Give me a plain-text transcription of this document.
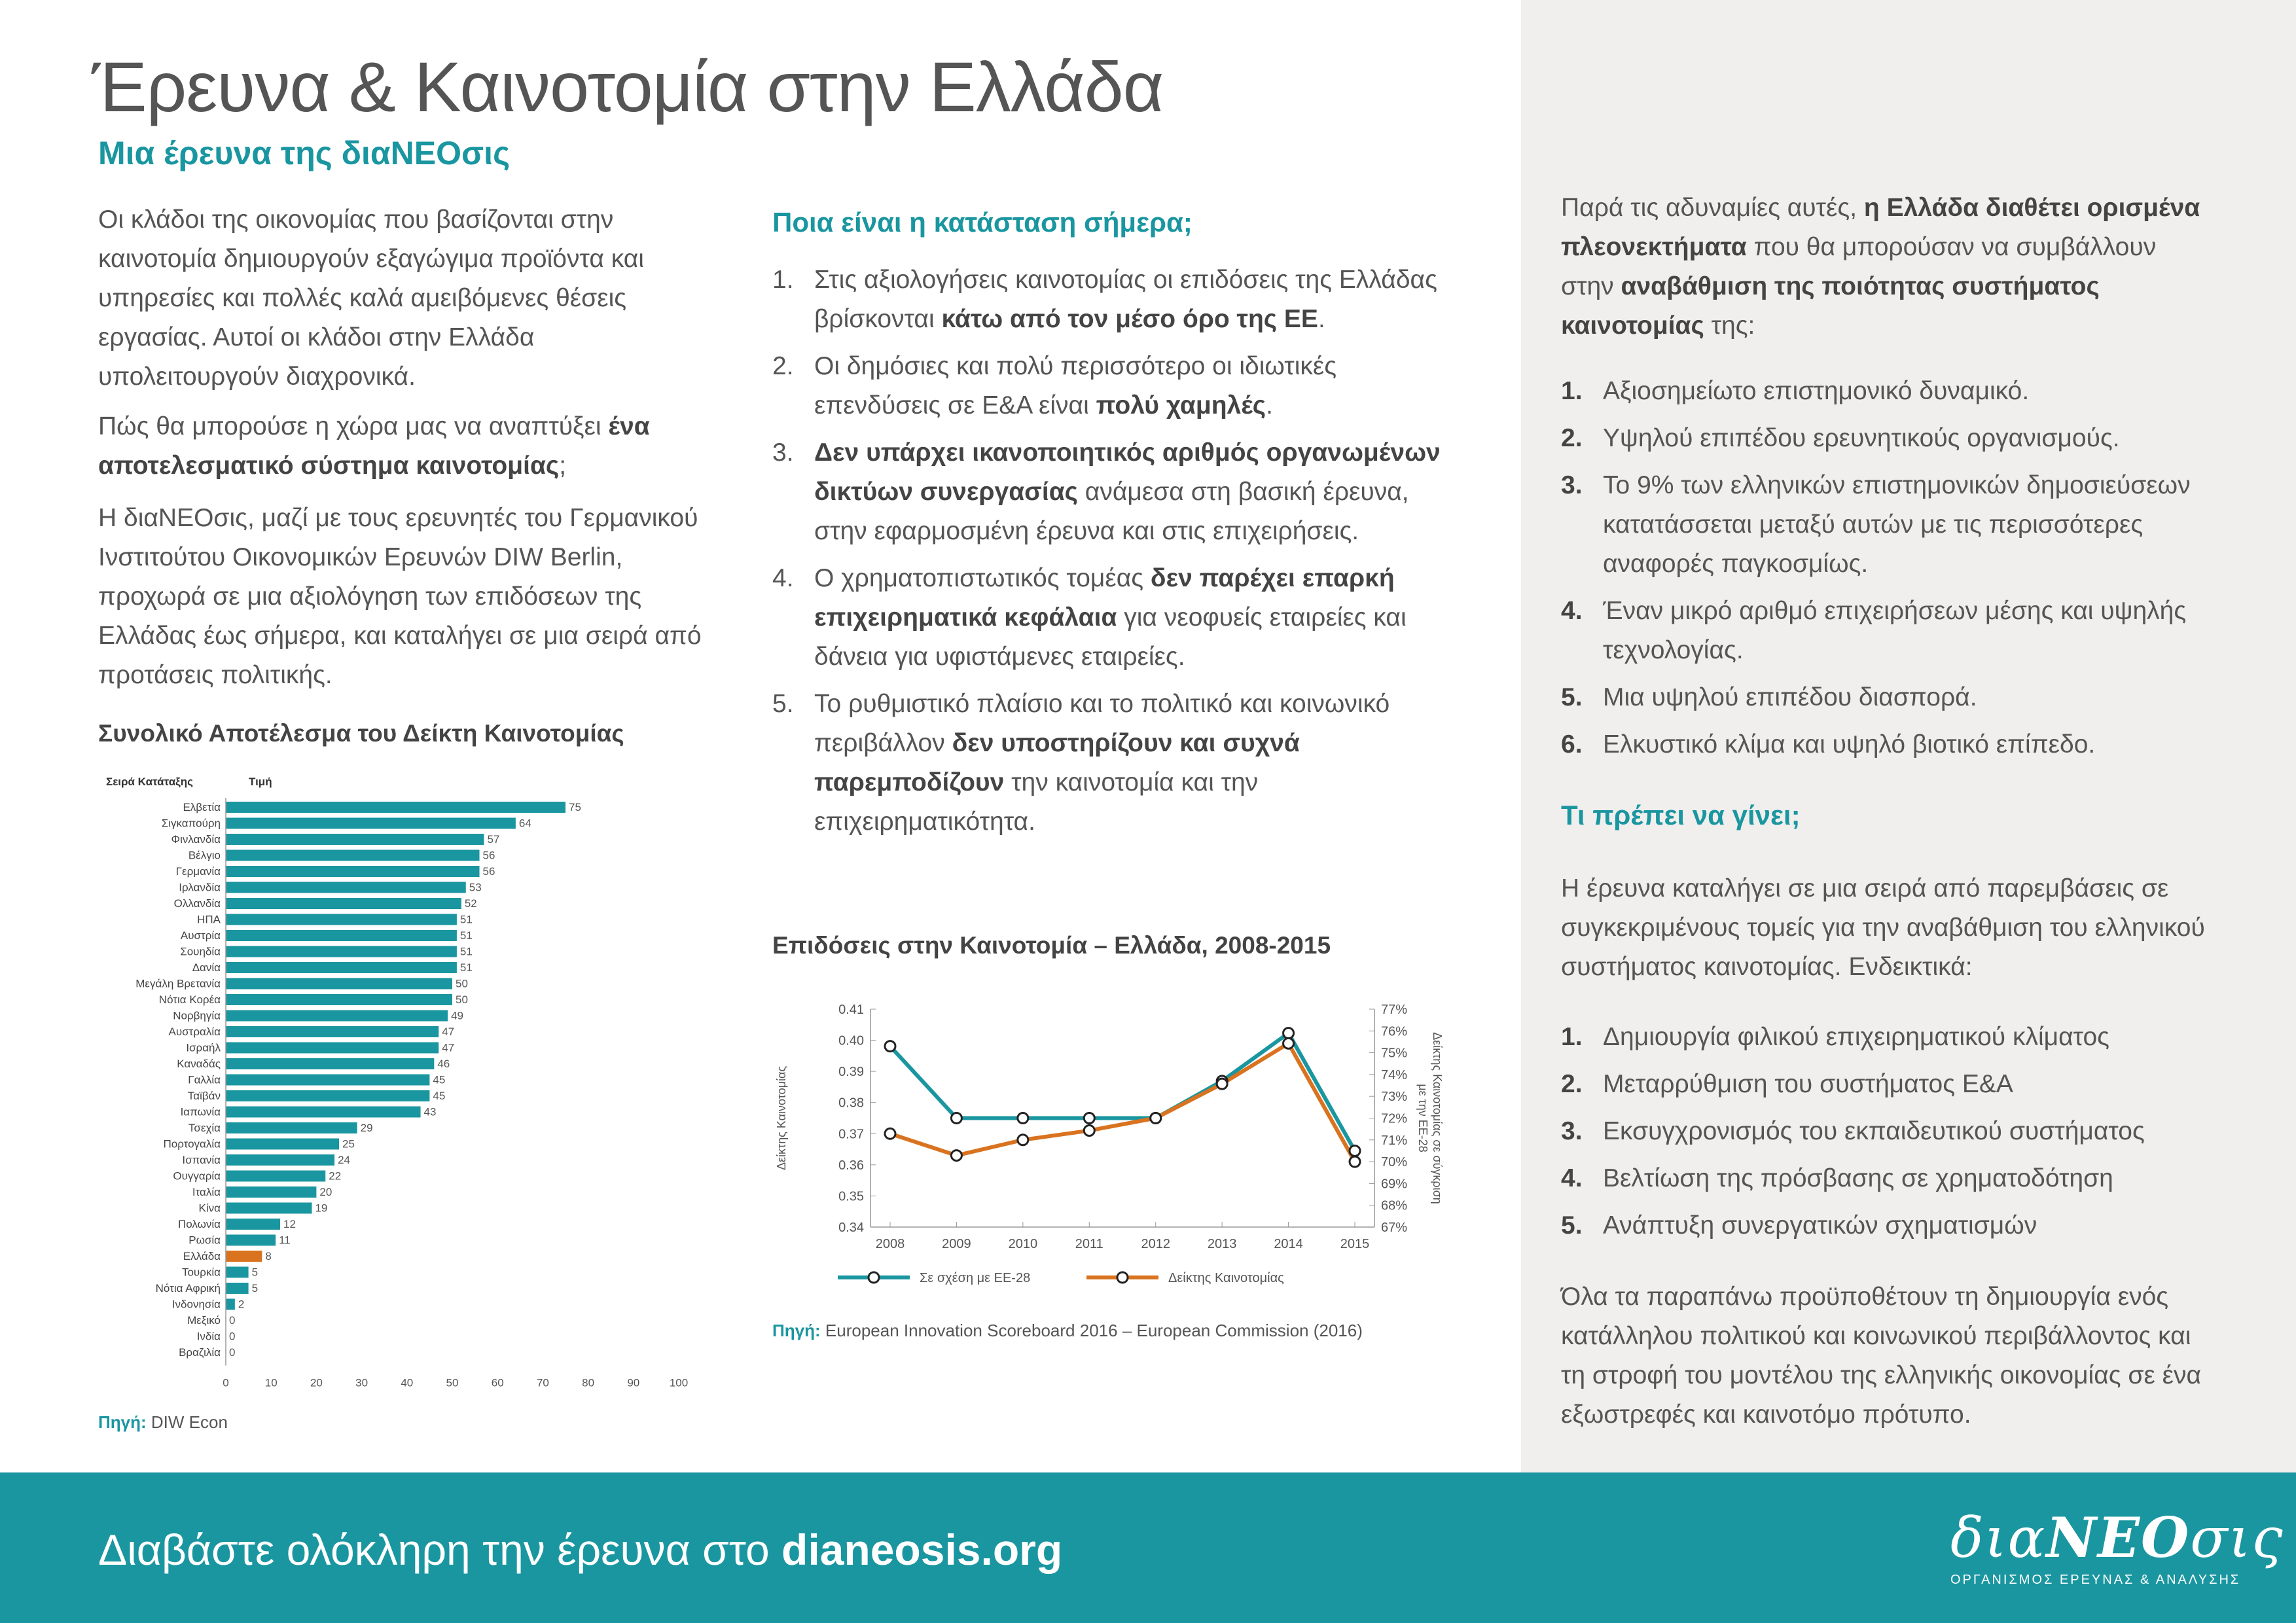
Έρευνα & Καινοτομία στην Ελλάδα
Μια έρευνα της διαΝΕΟσις

Οι κλάδοι της οικονομίας που βασίζονται στην καινοτομία δημιουργούν εξαγώγιμα προϊόντα και υπηρεσίες και πολλές καλά αμειβόμενες θέσεις εργασίας. Αυτοί οι κλάδοι στην Ελλάδα υπολειτουργούν διαχρονικά.

Πώς θα μπορούσε η χώρα μας να αναπτύξει ένα αποτελεσματικό σύστημα καινοτομίας;

Η διαΝΕΟσις, μαζί με τους ερευνητές του Γερμανικού Ινστιτούτου Οικονομικών Ερευνών DIW Berlin, προχωρά σε μια αξιολόγηση των επιδόσεων της Ελλάδας έως σήμερα, και καταλήγει σε μια σειρά από προτάσεις πολιτικής.

Συνολικό Αποτέλεσμα του Δείκτη Καινοτομίας
Σειρά Κατάταξης	Τιμή
Ελβετία	75
Σιγκαπούρη	64
Φινλανδία	57
Βέλγιο	56
Γερμανία	56
Ιρλανδία	53
Ολλανδία	52
ΗΠΑ	51
Αυστρία	51
Σουηδία	51
Δανία	51
Μεγάλη Βρετανία	50
Νότια Κορέα	50
Νορβηγία	49
Αυστραλία	47
Ισραήλ	47
Καναδάς	46
Γαλλία	45
Ταϊβάν	45
Ιαπωνία	43
Τσεχία	29
Πορτογαλία	25
Ισπανία	24
Ουγγαρία	22
Ιταλία	20
Κίνα	19
Πολωνία	12
Ρωσία	11
Ελλάδα	8
Τουρκία	5
Νότια Αφρική	5
Ινδονησία 2
Μεξικό 0
Ινδία 0
Βραζιλία 0
0	10	20	30	40	50	60	70	80	90	100
Πηγή: DIW Econ
Ποια είναι η κατάσταση σήμερα;
1. Στις αξιολογήσεις καινοτομίας οι επιδόσεις της Ελλάδας βρίσκονται κάτω από τον μέσο όρο της ΕΕ.
2. Οι δημόσιες και πολύ περισσότερο οι ιδιωτικές επενδύσεις σε Ε&Α είναι πολύ χαμηλές.
3. Δεν υπάρχει ικανοποιητικός αριθμός οργανωμένων δικτύων συνεργασίας ανάμεσα στη βασική έρευνα, στην εφαρμοσμένη έρευνα και στις επιχειρήσεις.
4. Ο χρηματοπιστωτικός τομέας δεν παρέχει επαρκή επιχειρηματικά κεφάλαια για νεοφυείς εταιρείες και δάνεια για υφιστάμενες εταιρείες.
5. Το ρυθμιστικό πλαίσιο και το πολιτικό και κοινωνικό περιβάλλον δεν υποστηρίζουν και συχνά παρεμποδίζουν την καινοτομία και την επιχειρηματικότητα.
Επιδόσεις στην Καινοτομία – Ελλάδα, 2008-2015
0.34
0.35
0.36
0.37
0.38
0.39
0.40
0.41
67%
68%
69%
70%
71%
72%
73%
74%
75%
76%
77%
2008	2009	2010	2011	2012	2013	2014	2015
Δείκτης Καινοτομίας	Δείκτης Καινοτομίας σε σύγκρισημε την ΕΕ-28
Σε σχέση με ΕΕ-28	Δείκτης Καινοτομίας
Πηγή: European Innovation Scoreboard 2016 – European Commission (2016)

Παρά τις αδυναμίες αυτές, η Ελλάδα διαθέτει ορισμένα πλεονεκτήματα που θα μπορούσαν να συμβάλλουν στην αναβάθμιση της ποιότητας συστήματος καινοτομίας της:

1. Αξιοσημείωτο επιστημονικό δυναμικό.
2. Υψηλού επιπέδου ερευνητικούς οργανισμούς.
3. Το 9% των ελληνικών επιστημονικών δημοσιεύσεων κατατάσσεται μεταξύ αυτών με τις περισσότερες αναφορές παγκοσμίως.
4. Έναν μικρό αριθμό επιχειρήσεων μέσης και υψηλής τεχνολογίας.
5. Μια υψηλού επιπέδου διασπορά.
6. Ελκυστικό κλίμα και υψηλό βιοτικό επίπεδο.
Τι πρέπει να γίνει;

Η έρευνα καταλήγει σε μια σειρά από παρεμβάσεις σε συγκεκριμένους τομείς για την αναβάθμιση του ελληνικού συστήματος καινοτομίας. Ενδεικτικά:

1. Δημιουργία φιλικού επιχειρηματικού κλίματος
2. Μεταρρύθμιση του συστήματος Ε&Α
3. Εκσυγχρονισμός του εκπαιδευτικού συστήματος
4. Βελτίωση της πρόσβασης σε χρηματοδότηση
5. Ανάπτυξη συνεργατικών σχηματισμών

Όλα τα παραπάνω προϋποθέτουν τη δημιουργία ενός κατάλληλου πολιτικού και κοινωνικού περιβάλλοντος και τη στροφή του μοντέλου της ελληνικής οικονομίας σε ένα εξωστρεφές και καινοτόμο πρότυπο.

Διαβάστε ολόκληρη την έρευνα στο dianeosis.org	διαΝΕΟσις
ΟΡΓΑΝΙΣΜΟΣ ΕΡΕΥΝΑΣ & ΑΝΑΛΥΣΗΣ
